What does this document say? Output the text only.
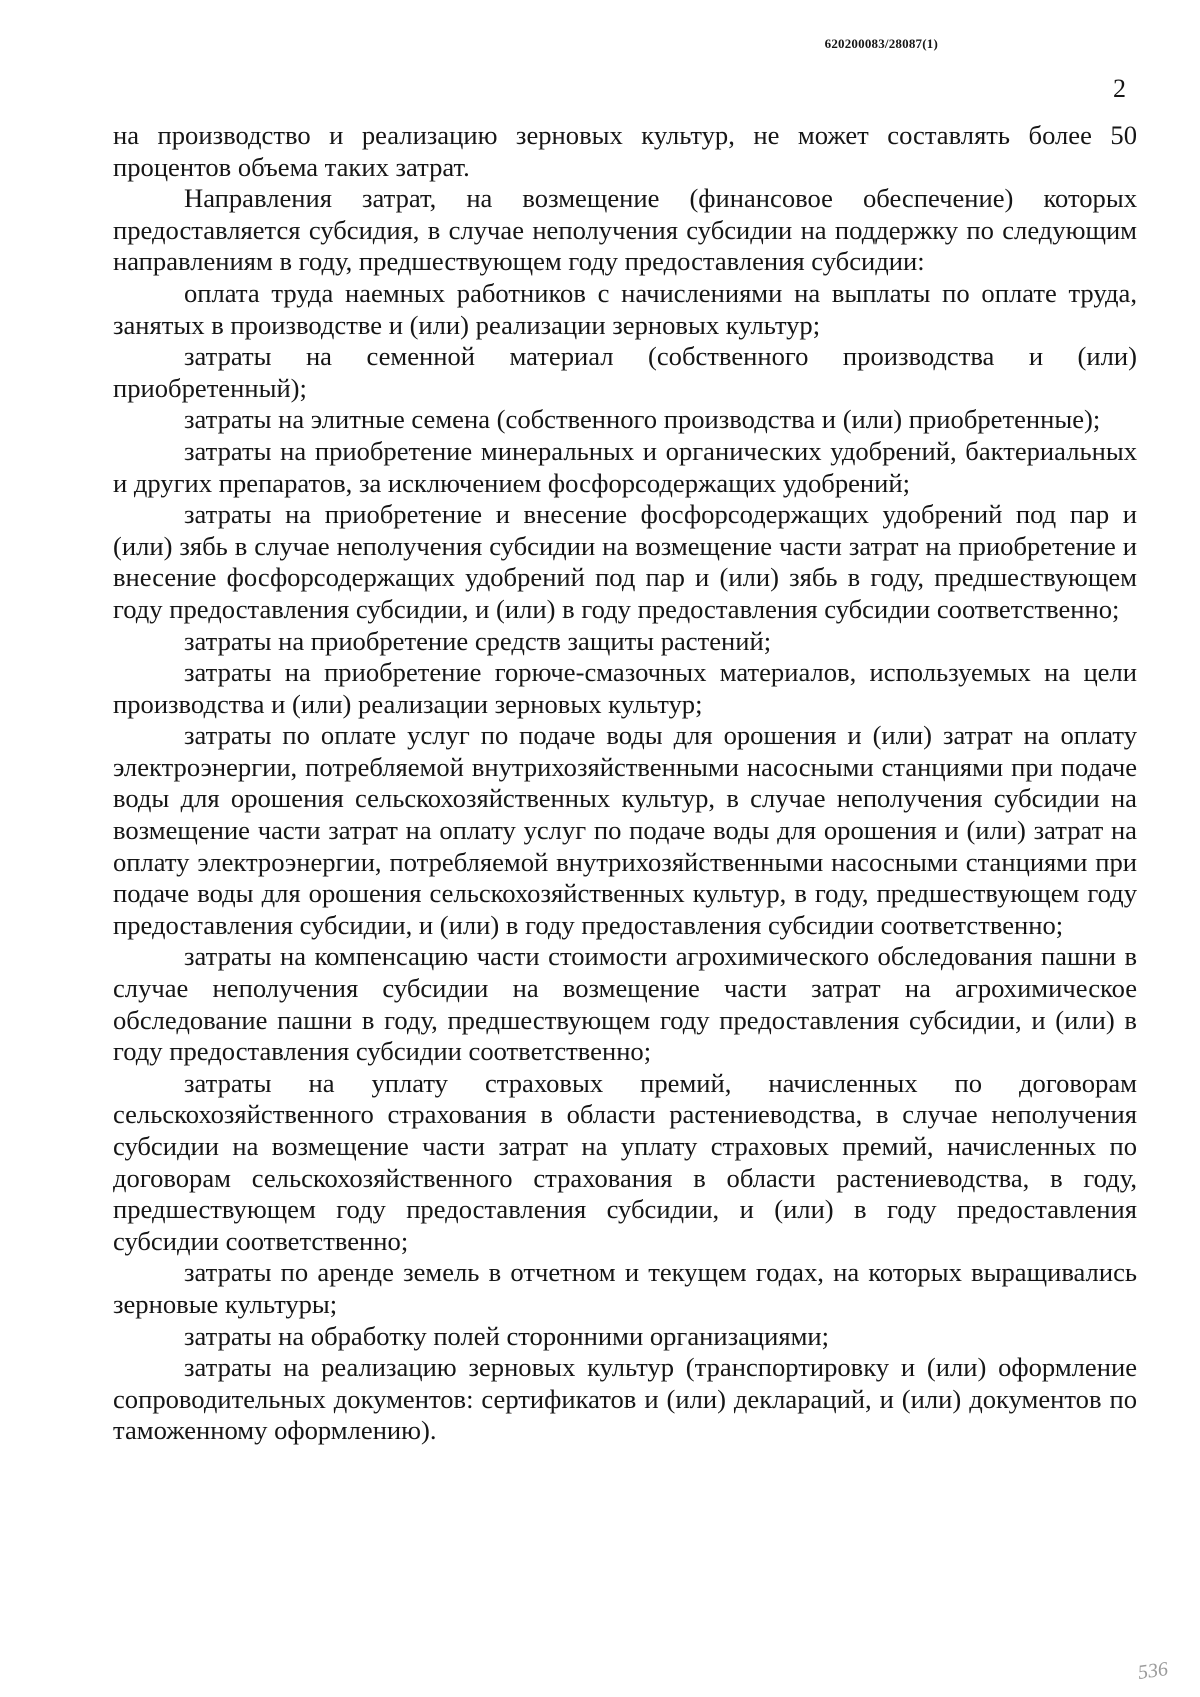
620200083/28087(1)
2

на производство и реализацию зерновых культур, не может составлять более 50 процентов объема таких затрат.

Направления затрат, на возмещение (финансовое обеспечение) которых предоставляется субсидия, в случае неполучения субсидии на поддержку по следующим направлениям в году, предшествующем году предоставления субсидии:

оплата труда наемных работников с начислениями на выплаты по оплате труда, занятых в производстве и (или) реализации зерновых культур;

затраты на семенной материал (собственного производства и (или) приобретенный);

затраты на элитные семена (собственного производства и (или) приобретенные);

затраты на приобретение минеральных и органических удобрений, бактериальных и других препаратов, за исключением фосфорсодержащих удобрений;

затраты на приобретение и внесение фосфорсодержащих удобрений под пар и (или) зябь в случае неполучения субсидии на возмещение части затрат на приобретение и внесение фосфорсодержащих удобрений под пар и (или) зябь в году, предшествующем году предоставления субсидии, и (или) в году предоставления субсидии соответственно;

затраты на приобретение средств защиты растений;

затраты на приобретение горюче-смазочных материалов, используемых на цели производства и (или) реализации зерновых культур;

затраты по оплате услуг по подаче воды для орошения и (или) затрат на оплату электроэнергии, потребляемой внутрихозяйственными насосными станциями при подаче воды для орошения сельскохозяйственных культур, в случае неполучения субсидии на возмещение части затрат на оплату услуг по подаче воды для орошения и (или) затрат на оплату электроэнергии, потребляемой внутрихозяйственными насосными станциями при подаче воды для орошения сельскохозяйственных культур, в году, предшествующем году предоставления субсидии, и (или) в году предоставления субсидии соответственно;

затраты на компенсацию части стоимости агрохимического обследования пашни в случае неполучения субсидии на возмещение части затрат на агрохимическое обследование пашни в году, предшествующем году предоставления субсидии, и (или) в году предоставления субсидии соответственно;

затраты на уплату страховых премий, начисленных по договорам сельскохозяйственного страхования в области растениеводства, в случае неполучения субсидии на возмещение части затрат на уплату страховых премий, начисленных по договорам сельскохозяйственного страхования в области растениеводства, в году, предшествующем году предоставления субсидии, и (или) в году предоставления субсидии соответственно;

затраты по аренде земель в отчетном и текущем годах, на которых выращивались зерновые культуры;

затраты на обработку полей сторонними организациями;

затраты на реализацию зерновых культур (транспортировку и (или) оформление сопроводительных документов: сертификатов и (или) деклараций, и (или) документов по таможенному оформлению).

536
